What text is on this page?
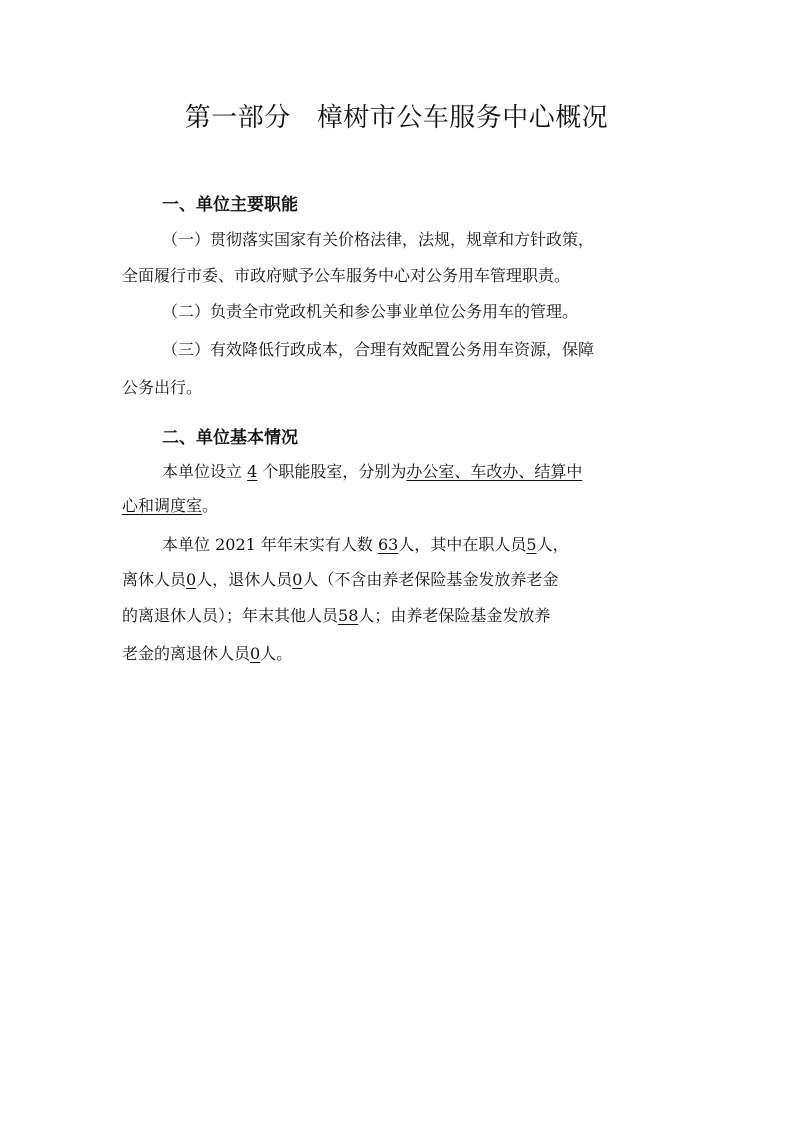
第一部分 樟树市公车服务中心概况
一、单位主要职能

（一）贯彻落实国家有关价格法律，法规，规章和方针政策，

全面履行市委、市政府赋予公车服务中心对公务用车管理职责。

（二）负责全市党政机关和参公事业单位公务用车的管理。

（三）有效降低行政成本，合理有效配置公务用车资源，保障

公务出行。

二、单位基本情况

本单位设立 4 个职能股室，分别为办公室、车改办、结算中

心和调度室。

本单位 2021 年年末实有人数 63人，其中在职人员5人，

离休人员0人，退休人员0人（不含由养老保险基金发放养老金

的离退休人员）；年末其他人员58人；由养老保险基金发放养

老金的离退休人员0人。
